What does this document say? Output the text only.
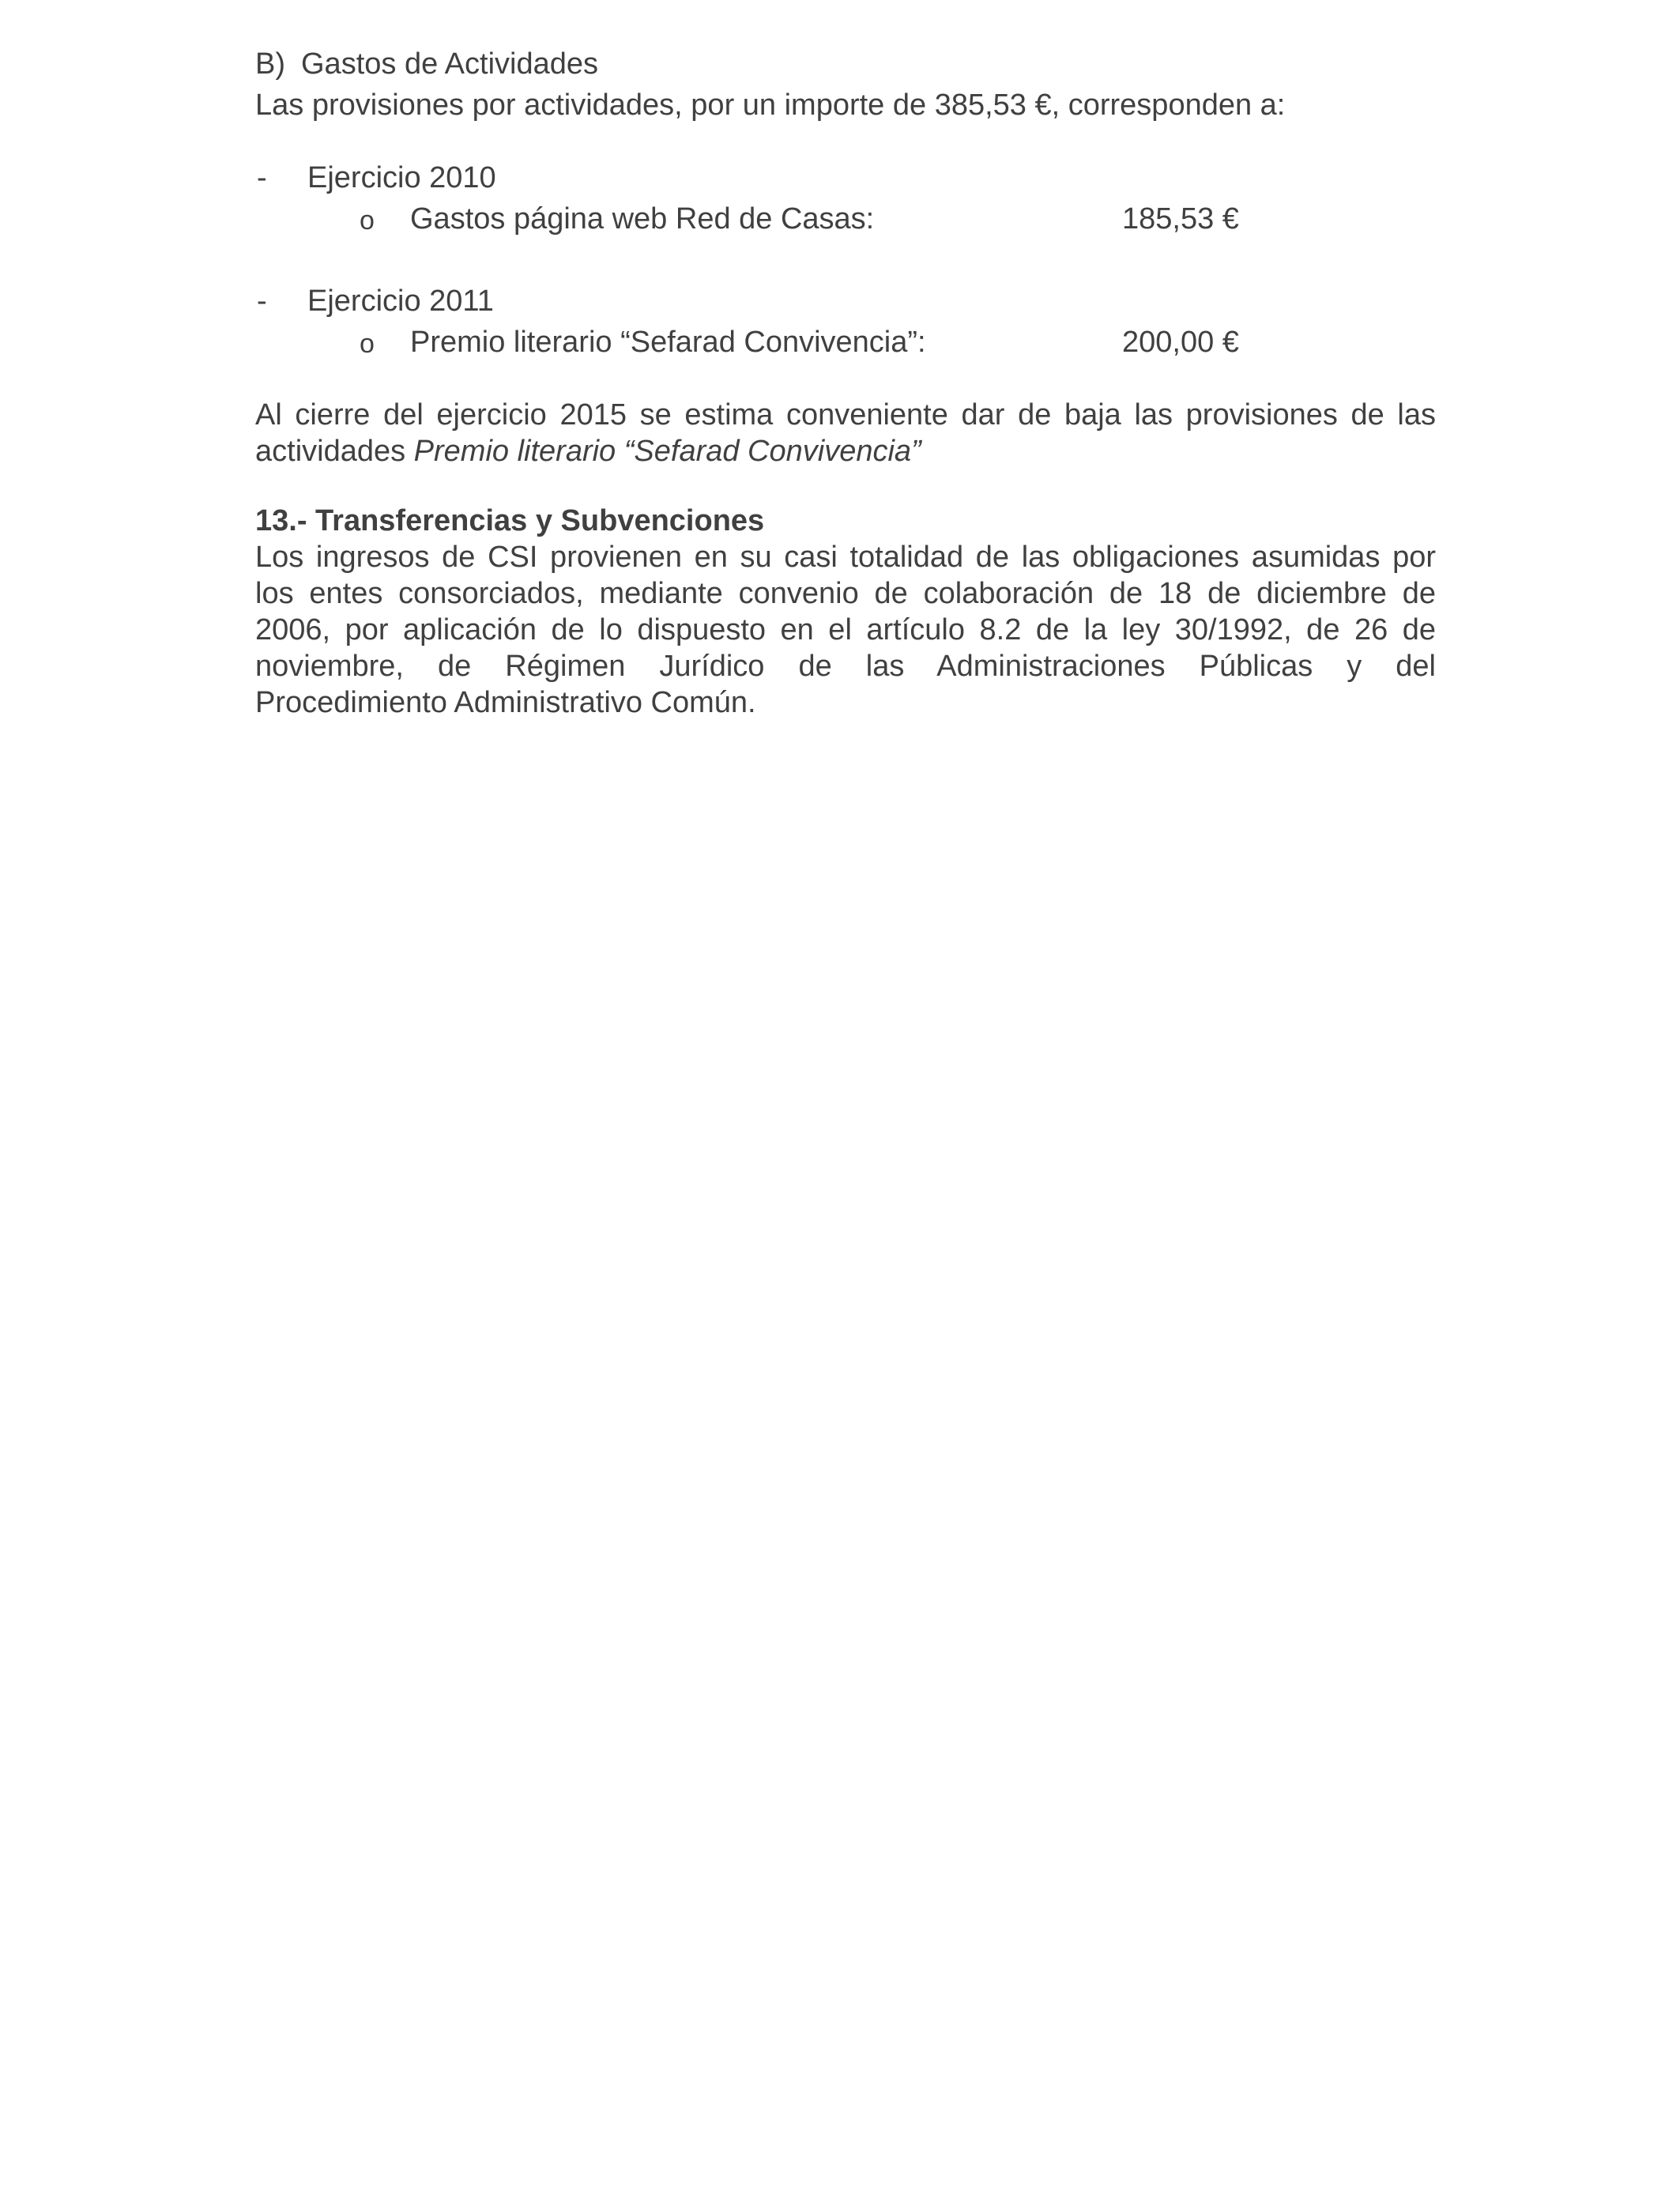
B) Gastos de Actividades
Las provisiones por actividades, por un importe de 385,53 €, corresponden a:
- Ejercicio 2010
o Gastos página web Red de Casas:	185,53 €
- Ejercicio 2011
o Premio literario “Sefarad Convivencia”:	200,00 €
Al cierre del ejercicio 2015 se estima conveniente dar de baja las provisiones de las
actividades Premio literario “Sefarad Convivencia”
13.- Transferencias y Subvenciones
Los ingresos de CSI provienen en su casi totalidad de las obligaciones asumidas por
los entes consorciados, mediante convenio de colaboración de 18 de diciembre de
2006, por aplicación de lo dispuesto en el artículo 8.2 de la ley 30/1992, de 26 de
noviembre, de Régimen Jurídico de las Administraciones Públicas y del
Procedimiento Administrativo Común.
